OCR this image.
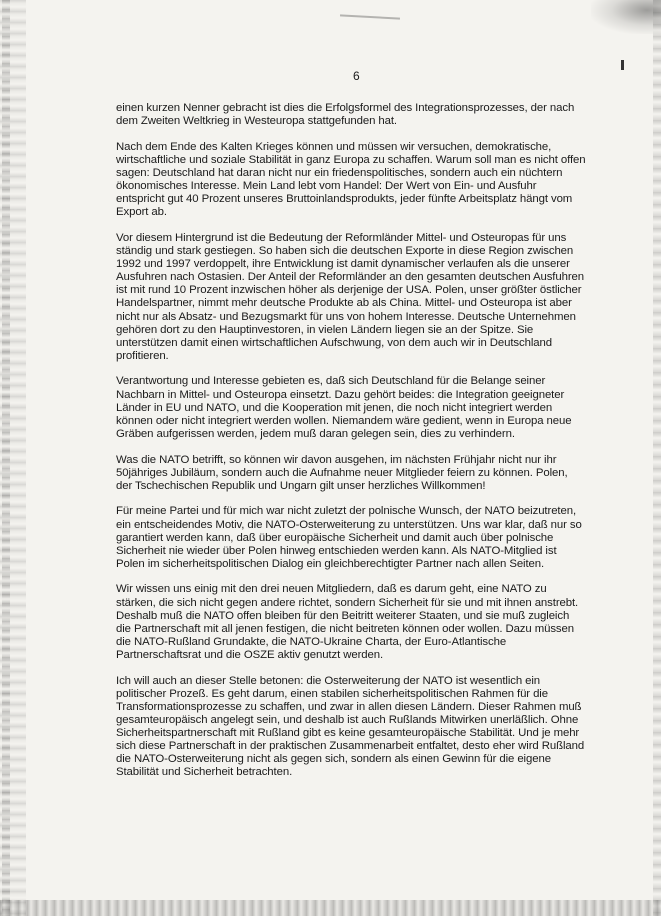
6

einen kurzen Nenner gebracht ist dies die Erfolgsformel des Integrationsprozesses, der nach dem Zweiten Weltkrieg in Westeuropa stattgefunden hat.

Nach dem Ende des Kalten Krieges können und müssen wir versuchen, demokratische, wirtschaftliche und soziale Stabilität in ganz Europa zu schaffen. Warum soll man es nicht offen sagen: Deutschland hat daran nicht nur ein friedenspolitisches, sondern auch ein nüchtern ökonomisches Interesse. Mein Land lebt vom Handel: Der Wert von Ein- und Ausfuhr entspricht gut 40 Prozent unseres Bruttoinlandsprodukts, jeder fünfte Arbeitsplatz hängt vom Export ab.

Vor diesem Hintergrund ist die Bedeutung der Reformländer Mittel- und Osteuropas für uns ständig und stark gestiegen. So haben sich die deutschen Exporte in diese Region zwischen 1992 und 1997 verdoppelt, ihre Entwicklung ist damit dynamischer verlaufen als die unserer Ausfuhren nach Ostasien. Der Anteil der Reformländer an den gesamten deutschen Ausfuhren ist mit rund 10 Prozent inzwischen höher als derjenige der USA. Polen, unser größter östlicher Handelspartner, nimmt mehr deutsche Produkte ab als China. Mittel- und Osteuropa ist aber nicht nur als Absatz- und Bezugsmarkt für uns von hohem Interesse. Deutsche Unternehmen gehören dort zu den Hauptinvestoren, in vielen Ländern liegen sie an der Spitze. Sie unterstützen damit einen wirtschaftlichen Aufschwung, von dem auch wir in Deutschland profitieren.

Verantwortung und Interesse gebieten es, daß sich Deutschland für die Belange seiner Nachbarn in Mittel- und Osteuropa einsetzt. Dazu gehört beides: die Integration geeigneter Länder in EU und NATO, und die Kooperation mit jenen, die noch nicht integriert werden können oder nicht integriert werden wollen. Niemandem wäre gedient, wenn in Europa neue Gräben aufgerissen werden, jedem muß daran gelegen sein, dies zu verhindern.

Was die NATO betrifft, so können wir davon ausgehen, im nächsten Frühjahr nicht nur ihr 50jähriges Jubiläum, sondern auch die Aufnahme neuer Mitglieder feiern zu können. Polen, der Tschechischen Republik und Ungarn gilt unser herzliches Willkommen!

Für meine Partei und für mich war nicht zuletzt der polnische Wunsch, der NATO beizutreten, ein entscheidendes Motiv, die NATO-Osterweiterung zu unterstützen. Uns war klar, daß nur so garantiert werden kann, daß über europäische Sicherheit und damit auch über polnische Sicherheit nie wieder über Polen hinweg entschieden werden kann. Als NATO-Mitglied ist Polen im sicherheitspolitischen Dialog ein gleichberechtigter Partner nach allen Seiten.

Wir wissen uns einig mit den drei neuen Mitgliedern, daß es darum geht, eine NATO zu stärken, die sich nicht gegen andere richtet, sondern Sicherheit für sie und mit ihnen anstrebt. Deshalb muß die NATO offen bleiben für den Beitritt weiterer Staaten, und sie muß zugleich die Partnerschaft mit all jenen festigen, die nicht beitreten können oder wollen. Dazu müssen die NATO-Rußland Grundakte, die NATO-Ukraine Charta, der Euro-Atlantische Partnerschaftsrat und die OSZE aktiv genutzt werden.

Ich will auch an dieser Stelle betonen: die Osterweiterung der NATO ist wesentlich ein politischer Prozeß. Es geht darum, einen stabilen sicherheitspolitischen Rahmen für die Transformationsprozesse zu schaffen, und zwar in allen diesen Ländern. Dieser Rahmen muß gesamteuropäisch angelegt sein, und deshalb ist auch Rußlands Mitwirken unerläßlich. Ohne Sicherheitspartnerschaft mit Rußland gibt es keine gesamteuropäische Stabilität. Und je mehr sich diese Partnerschaft in der praktischen Zusammenarbeit entfaltet, desto eher wird Rußland die NATO-Osterweiterung nicht als gegen sich, sondern als einen Gewinn für die eigene Stabilität und Sicherheit betrachten.
